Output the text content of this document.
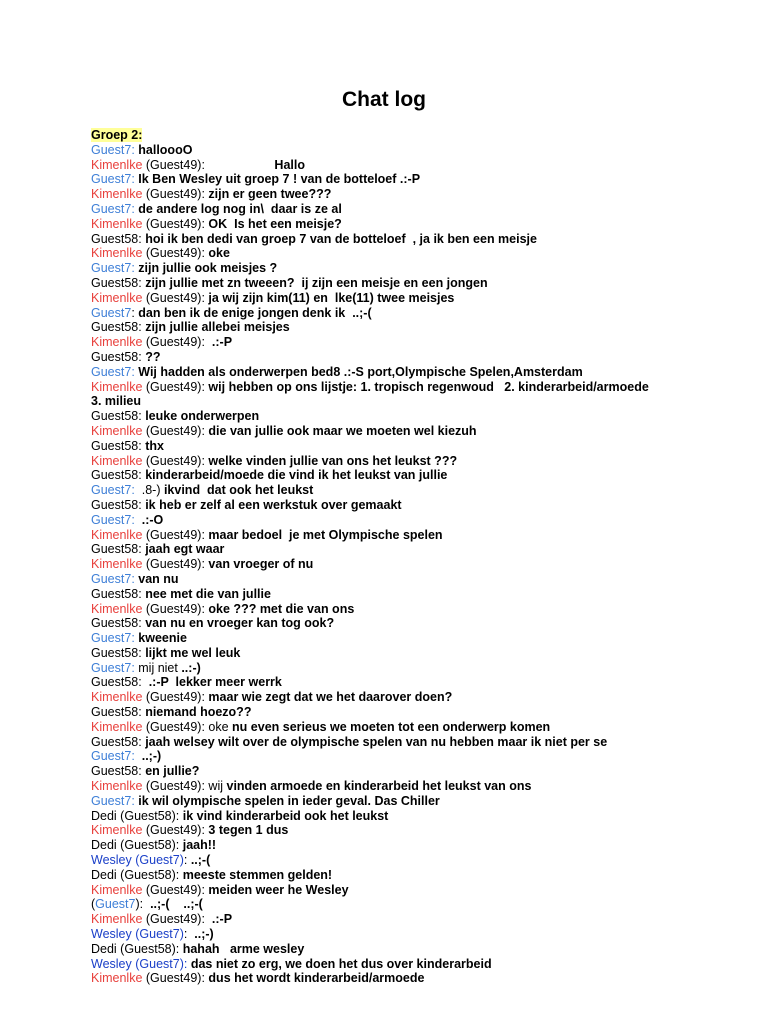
Chat log
Groep 2:
Guest7: halloooO
Kimenlke (Guest49):                    Hallo
Guest7: Ik Ben Wesley uit groep 7 ! van de botteloef .:-P
Kimenlke (Guest49): zijn er geen twee???
Guest7: de andere log nog in\  daar is ze al
Kimenlke (Guest49): OK  Is het een meisje?
Guest58: hoi ik ben dedi van groep 7 van de botteloef  , ja ik ben een meisje
Kimenlke (Guest49): oke
Guest7: zijn jullie ook meisjes ?
Guest58: zijn jullie met zn tweeen?  ij zijn een meisje en een jongen
Kimenlke (Guest49): ja wij zijn kim(11) en  lke(11) twee meisjes
Guest7: dan ben ik de enige jongen denk ik  ..;-(
Guest58: zijn jullie allebei meisjes
Kimenlke (Guest49):  .:-P
Guest58: ??
Guest7: Wij hadden als onderwerpen bed8 .:-S port,Olympische Spelen,Amsterdam
Kimenlke (Guest49): wij hebben op ons lijstje: 1. tropisch regenwoud   2. kinderarbeid/armoede
3. milieu
Guest58: leuke onderwerpen
Kimenlke (Guest49): die van jullie ook maar we moeten wel kiezuh
Guest58: thx
Kimenlke (Guest49): welke vinden jullie van ons het leukst ???
Guest58: kinderarbeid/moede die vind ik het leukst van jullie
Guest7:  .8-) ikvind  dat ook het leukst
Guest58: ik heb er zelf al een werkstuk over gemaakt
Guest7:  .:-O
Kimenlke (Guest49): maar bedoel  je met Olympische spelen
Guest58: jaah egt waar
Kimenlke (Guest49): van vroeger of nu
Guest7: van nu
Guest58: nee met die van jullie
Kimenlke (Guest49): oke ??? met die van ons
Guest58: van nu en vroeger kan tog ook?
Guest7: kweenie
Guest58: lijkt me wel leuk
Guest7: mij niet ..:-)
Guest58:  .:-P  lekker meer werrk
Kimenlke (Guest49): maar wie zegt dat we het daarover doen?
Guest58: niemand hoezo??
Kimenlke (Guest49): oke nu even serieus we moeten tot een onderwerp komen
Guest58: jaah welsey wilt over de olympische spelen van nu hebben maar ik niet per se
Guest7:  ..;-)
Guest58: en jullie?
Kimenlke (Guest49): wij vinden armoede en kinderarbeid het leukst van ons
Guest7: ik wil olympische spelen in ieder geval. Das Chiller
Dedi (Guest58): ik vind kinderarbeid ook het leukst
Kimenlke (Guest49): 3 tegen 1 dus
Dedi (Guest58): jaah!!
Wesley (Guest7): ..;-(
Dedi (Guest58): meeste stemmen gelden!
Kimenlke (Guest49): meiden weer he Wesley
(Guest7):  ..;-(    ..;-(
Kimenlke (Guest49):  .:-P
Wesley (Guest7):  ..;-)
Dedi (Guest58): hahah   arme wesley
Wesley (Guest7): das niet zo erg, we doen het dus over kinderarbeid
Kimenlke (Guest49): dus het wordt kinderarbeid/armoede
